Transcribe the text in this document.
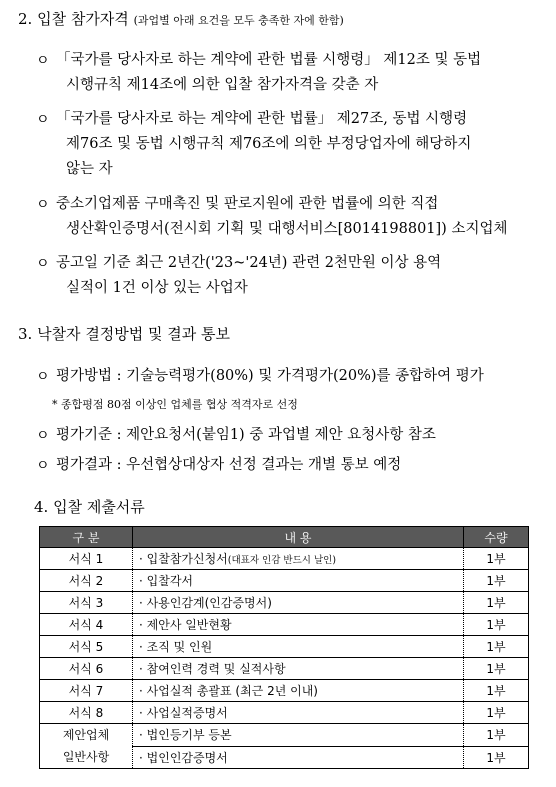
2. 입찰 참가자격 (과업별 아래 요건을 모두 충족한 자에 한함)
ㅇ 「국가를 당사자로 하는 계약에 관한 법률 시행령」 제12조 및 동법
시행규칙 제14조에 의한 입찰 참가자격을 갖춘 자
ㅇ 「국가를 당사자로 하는 계약에 관한 법률」 제27조, 동법 시행령
제76조 및 동법 시행규칙 제76조에 의한 부정당업자에 해당하지
않는 자
ㅇ 중소기업제품 구매촉진 및 판로지원에 관한 법률에 의한 직접
생산확인증명서(전시회 기획 및 대행서비스[8014198801]) 소지업체
ㅇ 공고일 기준 최근 2년간('23~'24년) 관련 2천만원 이상 용역
실적이 1건 이상 있는 사업자
3. 낙찰자 결정방법 및 결과 통보
ㅇ 평가방법 : 기술능력평가(80%) 및 가격평가(20%)를 종합하여 평가
* 종합평점 80점 이상인 업체를 협상 적격자로 선정
ㅇ 평가기준 : 제안요청서(붙임1) 중 과업별 제안 요청사항 참조
ㅇ 평가결과 : 우선협상대상자 선정 결과는 개별 통보 예정
4. 입찰 제출서류
구 분	내 용	수량
서식 1	· 입찰참가신청서(대표자 인감 반드시 날인)	1부
서식 2	· 입찰각서	1부
서식 3	· 사용인감계(인감증명서)	1부
서식 4	· 제안사 일반현황	1부
서식 5	· 조직 및 인원	1부
서식 6	· 참여인력 경력 및 실적사항	1부
서식 7	· 사업실적 총괄표 (최근 2년 이내)	1부
서식 8	· 사업실적증명서	1부

제안업체
일반사항	· 법인등기부 등본	1부
	· 법인인감증명서	1부
